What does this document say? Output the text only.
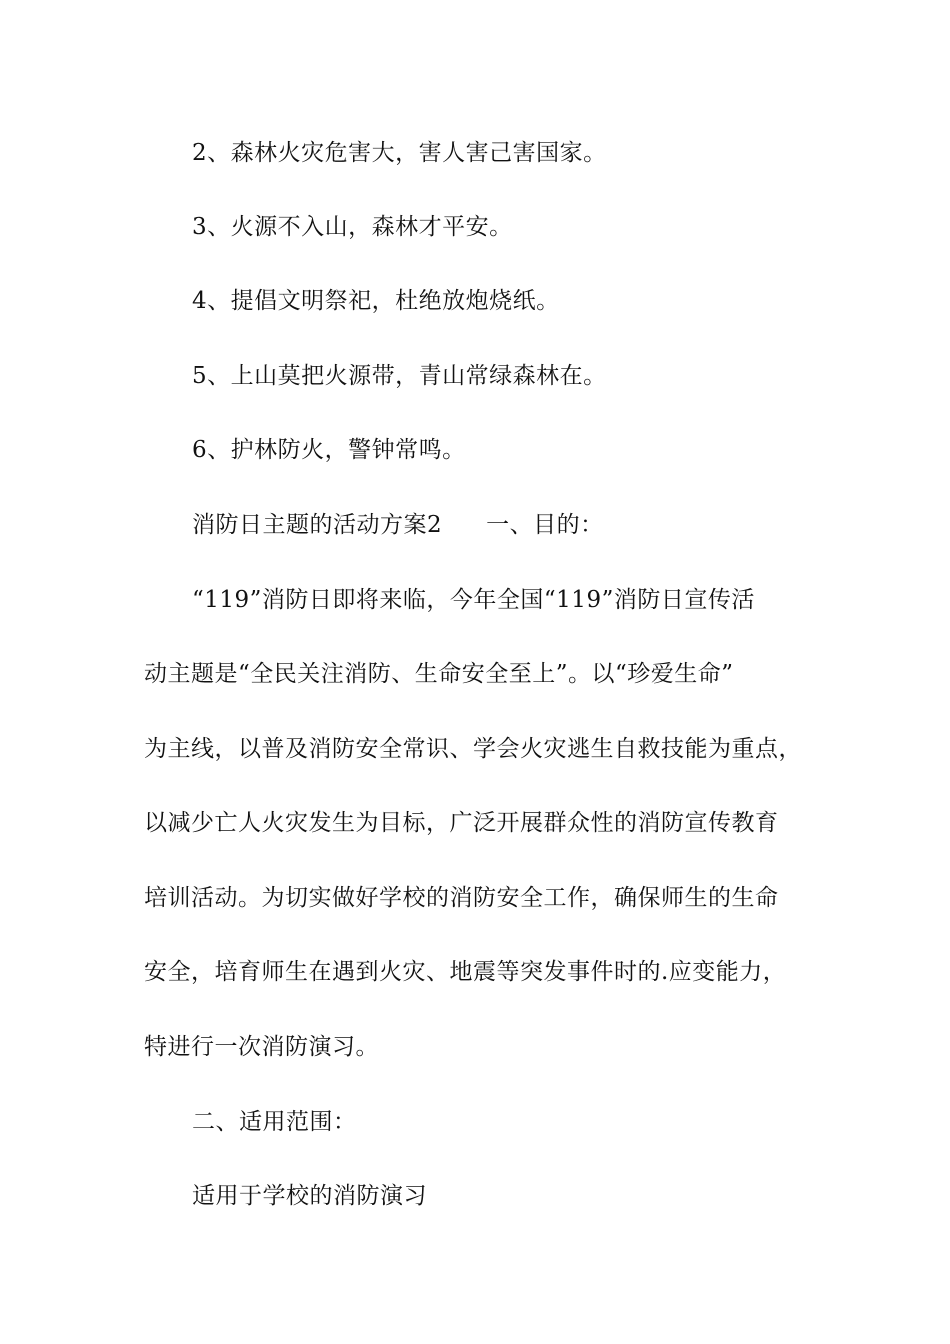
2、森林火灾危害大，害人害己害国家。
3、火源不入山，森林才平安。
4、提倡文明祭祀，杜绝放炮烧纸。
5、上山莫把火源带，青山常绿森林在。
6、护林防火，警钟常鸣。
消防日主题的活动方案2 一、目的：
“119”消防日即将来临，今年全国“119”消防日宣传活
动主题是“全民关注消防、生命安全至上”。以“珍爱生命”
为主线，以普及消防安全常识、学会火灾逃生自救技能为重点，
以减少亡人火灾发生为目标，广泛开展群众性的消防宣传教育
培训活动。为切实做好学校的消防安全工作，确保师生的生命
安全，培育师生在遇到火灾、地震等突发事件时的.应变能力，
特进行一次消防演习。
二、适用范围：
适用于学校的消防演习
